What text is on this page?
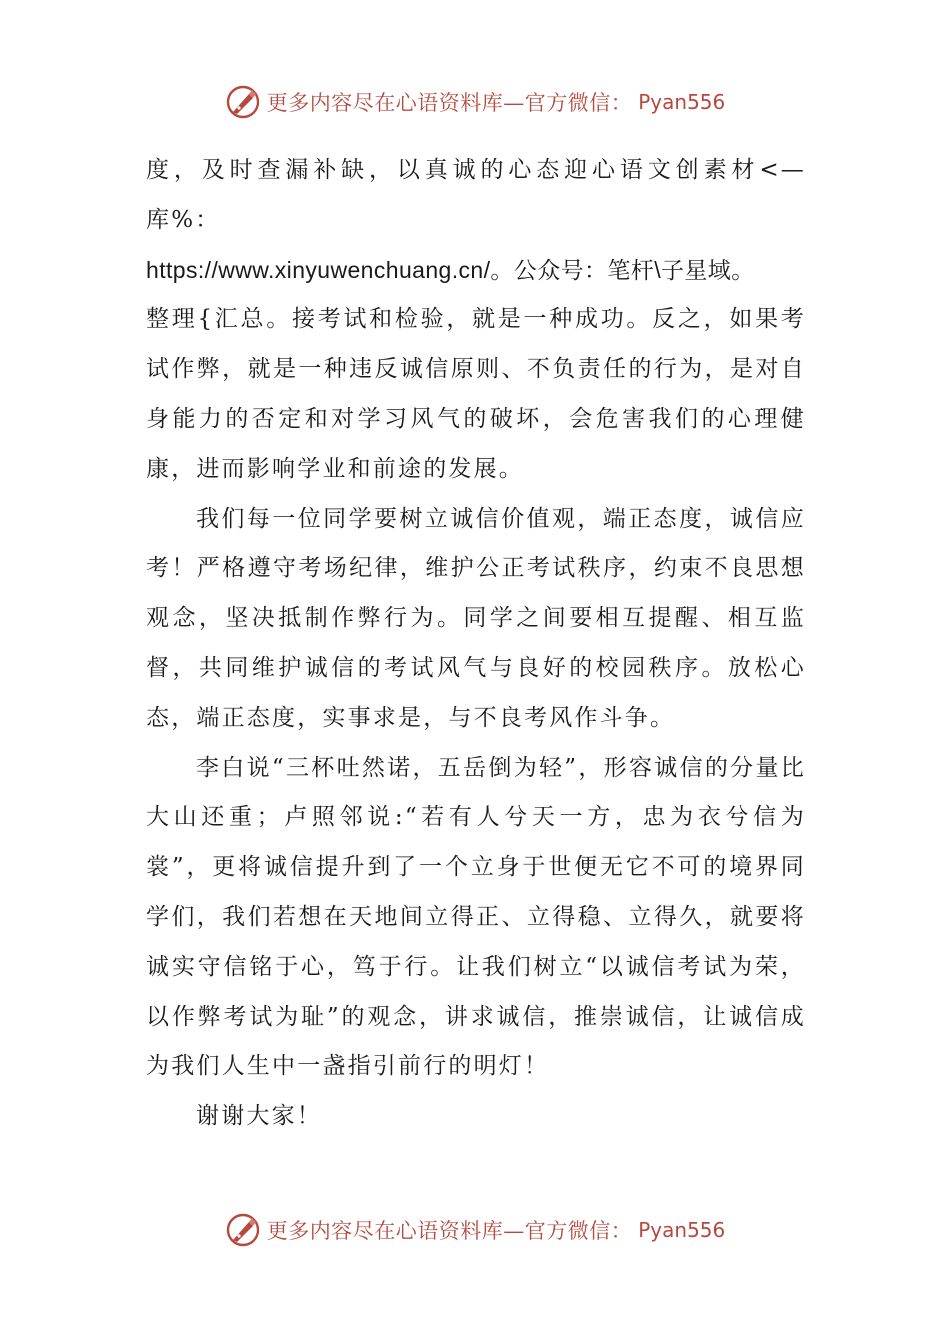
更多内容尽在心语资料库—官方微信： Pyan556

度，及时查漏补缺，以真诚的心态迎心语文创素材<—库%：

https://www.xinyuwenchuang.cn/。公众号：笔杆\子星域。

整理{汇总。接考试和检验，就是一种成功。反之，如果考试作弊，就是一种违反诚信原则、不负责任的行为，是对自身能力的否定和对学习风气的破坏，会危害我们的心理健康，进而影响学业和前途的发展。

我们每一位同学要树立诚信价值观，端正态度，诚信应考！严格遵守考场纪律，维护公正考试秩序，约束不良思想观念，坚决抵制作弊行为。同学之间要相互提醒、相互监督，共同维护诚信的考试风气与良好的校园秩序。放松心态，端正态度，实事求是，与不良考风作斗争。

李白说“三杯吐然诺，五岳倒为轻”，形容诚信的分量比大山还重；卢照邻说:“若有人兮天一方，忠为衣兮信为裳”，更将诚信提升到了一个立身于世便无它不可的境界同学们，我们若想在天地间立得正、立得稳、立得久，就要将诚实守信铭于心，笃于行。让我们树立“以诚信考试为荣，以作弊考试为耻”的观念，讲求诚信，推崇诚信，让诚信成为我们人生中一盏指引前行的明灯！

谢谢大家！

更多内容尽在心语资料库—官方微信： Pyan556
